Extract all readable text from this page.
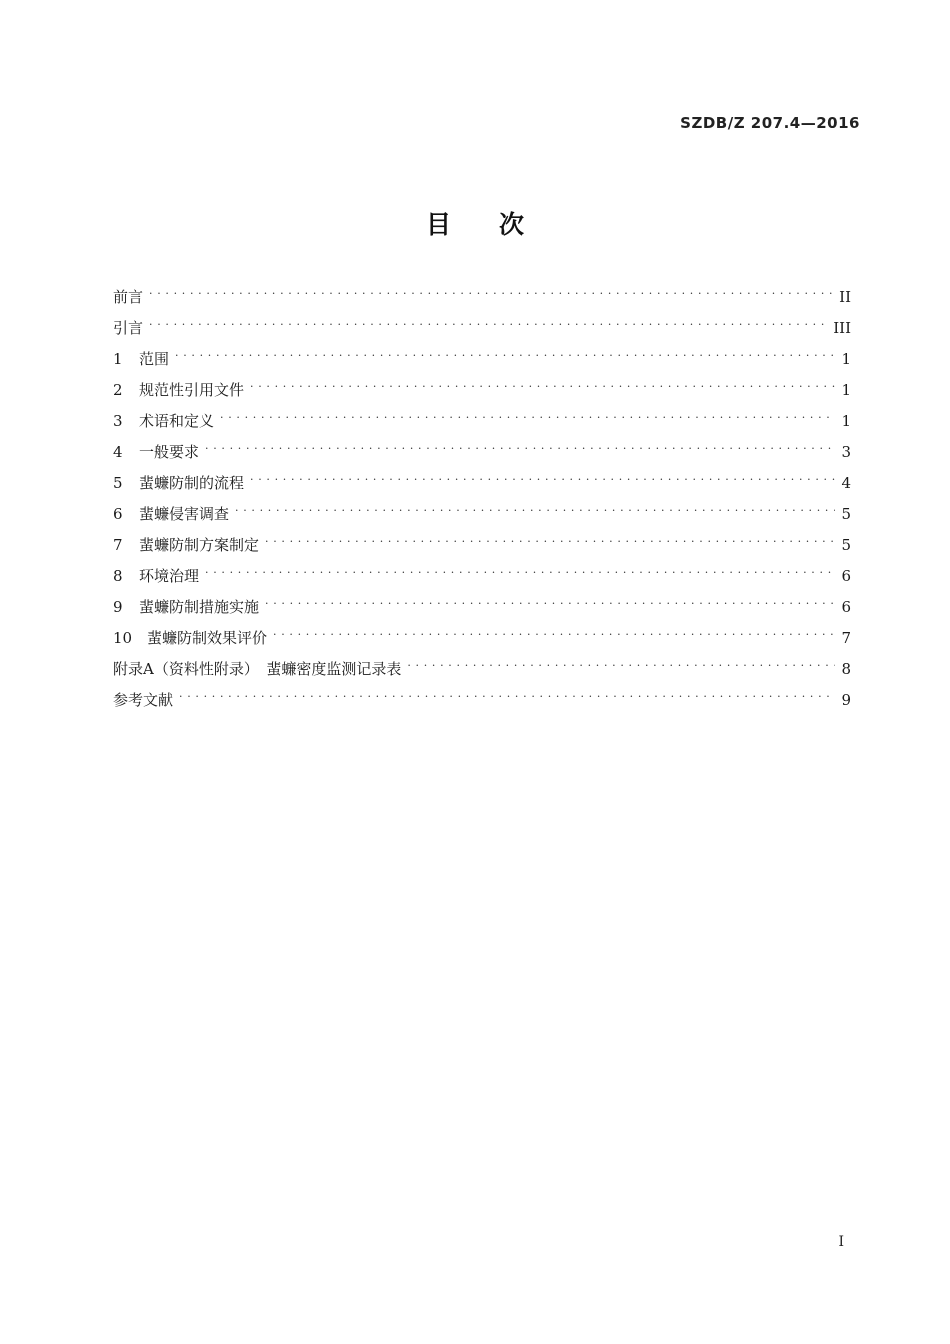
SZDB/Z 207.4—2016
目次
前言 · · ·	II
引言 · · ·	III
1	范围 · · ·	1
2	规范性引用文件 · · ·	1
3	术语和定义 · · ·	1
4	一般要求 · · ·	3
5	蜚蠊防制的流程 · · ·	4
6	蜚蠊侵害调查 · · ·	5
7	蜚蠊防制方案制定 · · ·	5
8	环境治理 · · ·	6
9	蜚蠊防制措施实施 · · ·	6
10 蜚蠊防制效果评价 · · ·	7
附录A（资料性附录）　蜚蠊密度监测记录表 · · ·	8
参考文献 · · ·	9
I
